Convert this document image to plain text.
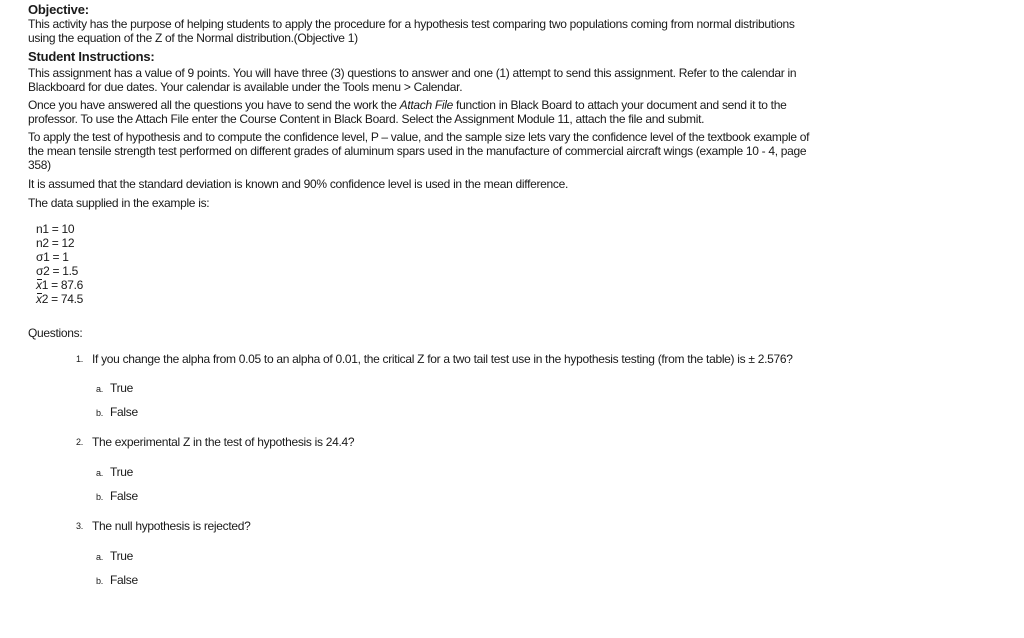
Objective:

This activity has the purpose of helping students to apply the procedure for a hypothesis test comparing two populations coming from normal distributions using the equation of the Z of the Normal distribution.(Objective 1)

Student Instructions:

This assignment has a value of 9 points. You will have three (3) questions to answer and one (1) attempt to send this assignment. Refer to the calendar in Blackboard for due dates. Your calendar is available under the Tools menu > Calendar.

Once you have answered all the questions you have to send the work the Attach File function in Black Board to attach your document and send it to the professor. To use the Attach File enter the Course Content in Black Board. Select the Assignment Module 11, attach the file and submit.

To apply the test of hypothesis and to compute the confidence level, P – value, and the sample size lets vary the confidence level of the textbook example of the mean tensile strength test performed on different grades of aluminum spars used in the manufacture of commercial aircraft wings (example 10 - 4, page 358)

It is assumed that the standard deviation is known and 90% confidence level is used in the mean difference.

The data supplied in the example is:

n1 = 10
n2 = 12
σ1 = 1
σ2 = 1.5
x1 = 87.6
x2 = 74.5

Questions:

1. If you change the alpha from 0.05 to an alpha of 0.01, the critical Z for a two tail test use in the hypothesis testing (from the table) is ± 2.576?
a. True
b. False
2. The experimental Z in the test of hypothesis is 24.4?
a. True
b. False
3. The null hypothesis is rejected?
a. True
b. False
